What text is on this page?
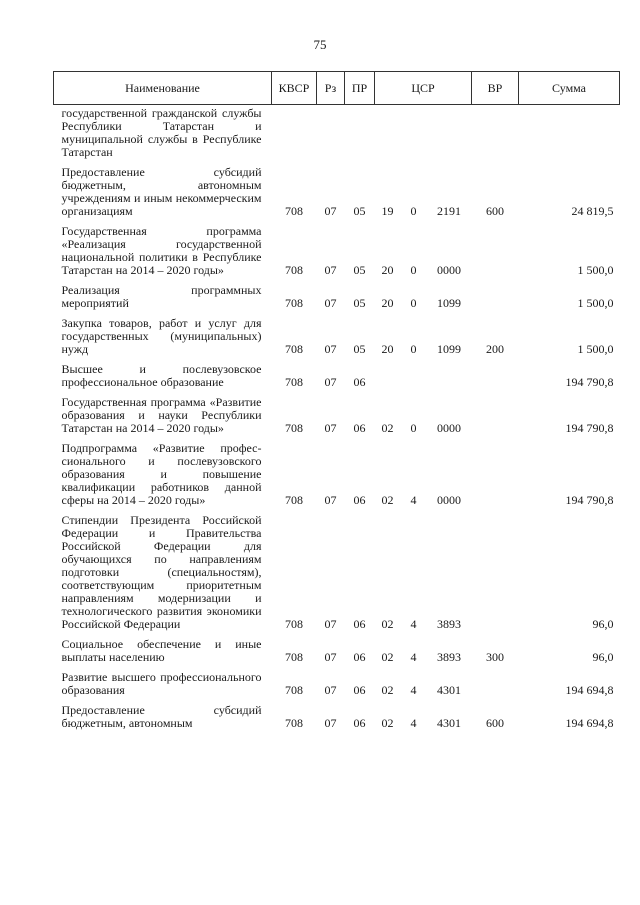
75
Наименование	КВСР	Рз	ПР	ЦСР			ВР	Сумма
государственной гражданской службы Республики Татарстан и муниципальной службы в Республике Татарстан								
Предоставление субсидий бюджетным, автономным учреждениям и иным некоммерческим организациям	708	07	05	19	0	2191	600	24 819,5
Государственная программа «Реализация государственной национальной политики в Республике Татарстан на 2014 – 2020 годы»	708	07	05	20	0	0000		1 500,0
Реализация программных мероприятий	708	07	05	20	0	1099		1 500,0
Закупка товаров, работ и услуг для государственных (муниципальных) нужд	708	07	05	20	0	1099	200	1 500,0
Высшее и послевузовское профессиональное образование	708	07	06					194 790,8
Государственная программа «Развитие образования и науки Республики Татарстан на 2014 – 2020 годы»	708	07	06	02	0	0000		194 790,8
Подпрограмма «Развитие профессионального и послевузовского образования и повышение квалификации работников данной сферы на 2014 – 2020 годы»	708	07	06	02	4	0000		194 790,8
Стипендии Президента Российской Федерации и Правительства Российской Федерации для обучающихся по направлениям подготовки (специальностям), соответствующим приоритетным направлениям модернизации и технологического развития экономики Российской Федерации	708	07	06	02	4	3893		96,0
Социальное обеспечение и иные выплаты населению	708	07	06	02	4	3893	300	96,0
Развитие высшего профессионального образования	708	07	06	02	4	4301		194 694,8
Предоставление субсидий бюджетным, автономным	708	07	06	02	4	4301	600	194 694,8
